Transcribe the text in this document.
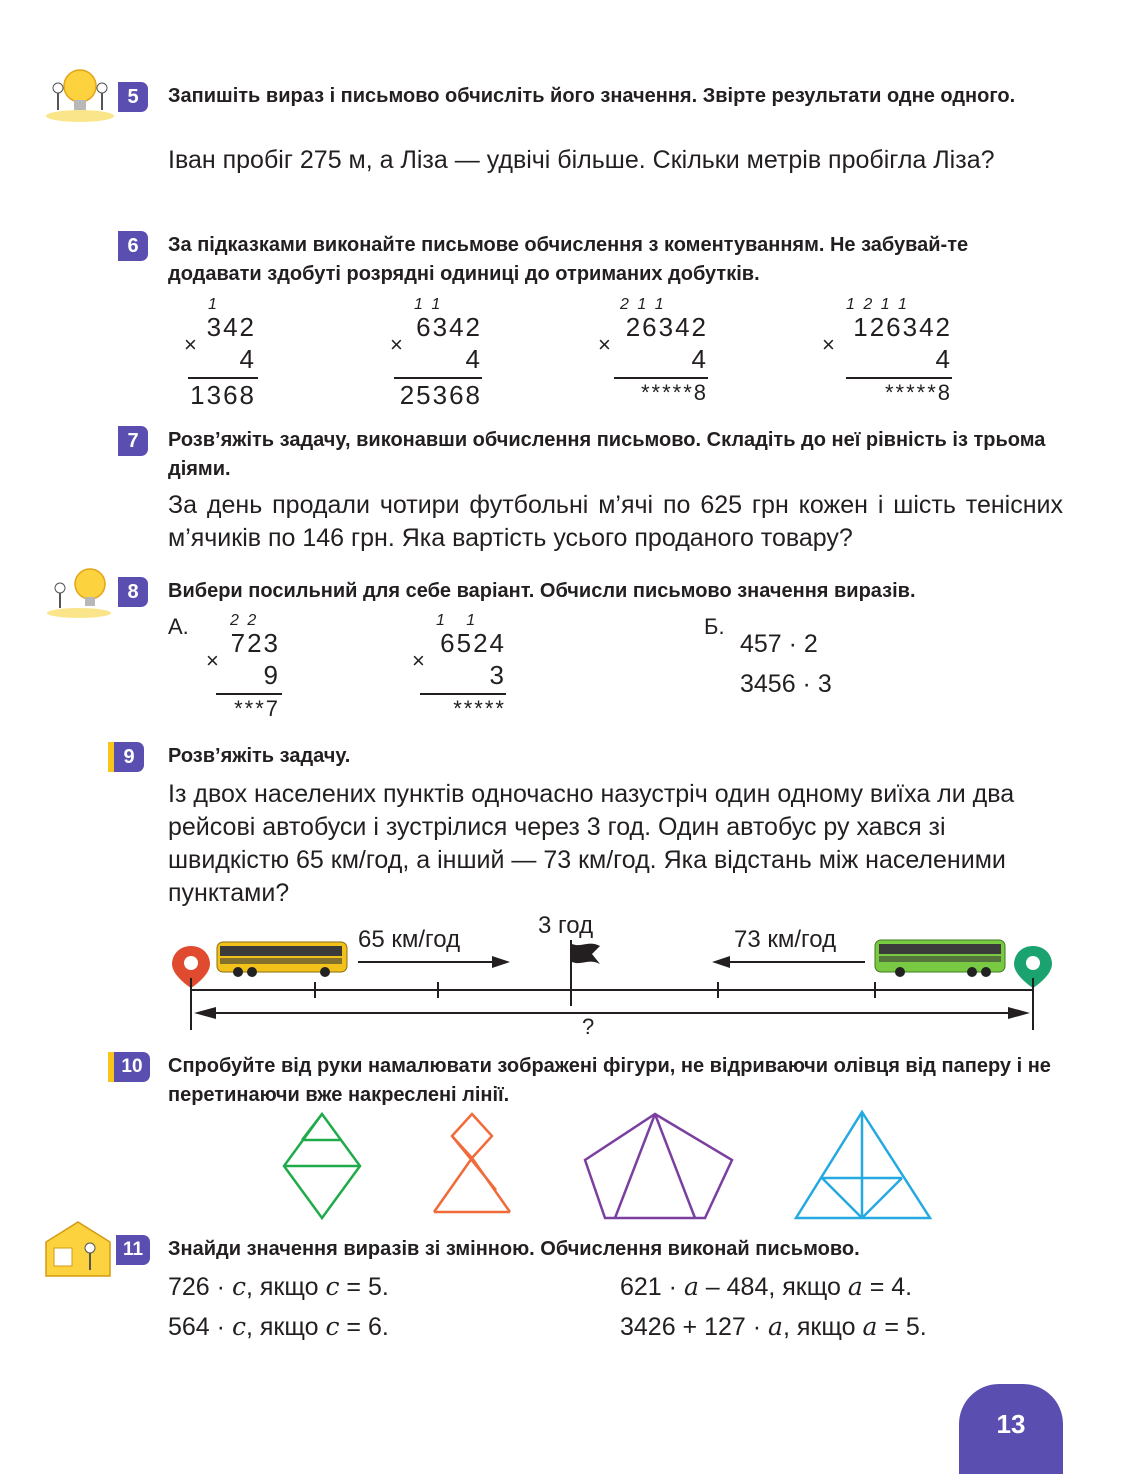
5	Запишіть вираз і письмово обчисліть його значення. Звірте результати одне одного.
Іван пробіг 275 м, а Ліза — удвічі більше. Скільки метрів пробігла Ліза?
6	За підказками виконайте письмове обчислення з коментуванням. Не забувай-те додавати здобуті розрядні одиниці до отриманих добутків.
1
×
342
4
1368
1 1
×
6342
4
25368
2 1 1
×
26342
4
*****8
1 2 1 1
×
126342
4
*****8
7	Розв’яжіть задачу, виконавши обчислення письмово. Складіть до неї рівність із трьома діями.
За день продали чотири футбольні м’ячі по 625 грн кожен і шість тенісних м’ячиків по 146 грн. Яка вартість усього проданого товару?
8	Вибери посильний для себе варіант. Обчисли письмово значення виразів.
А.	2 2
×
723
9
***7
1   1
×
6524
3
*****
Б.
457 · 2
3456 · 3
9	Розв’яжіть задачу.
Із двох населених пунктів одночасно назустріч один одному виїха ли два рейсові автобуси і зустрілися через 3 год. Один автобус ру хався зі швидкістю 65 км/год, а інший — 73 км/год. Яка відстань між населеними пунктами?
3 год
65 км/год	73 км/год
?
10	Спробуйте від руки намалювати зображені фігури, не відриваючи олівця від паперу і не перетинаючи вже накреслені лінії.
11	Знайди значення виразів зі змінною. Обчислення виконай письмово.
726 · c, якщо c = 5.
564 · c, якщо c = 6.
621 · a – 484, якщо a = 4.
3426 + 127 · a, якщо a = 5.
13
